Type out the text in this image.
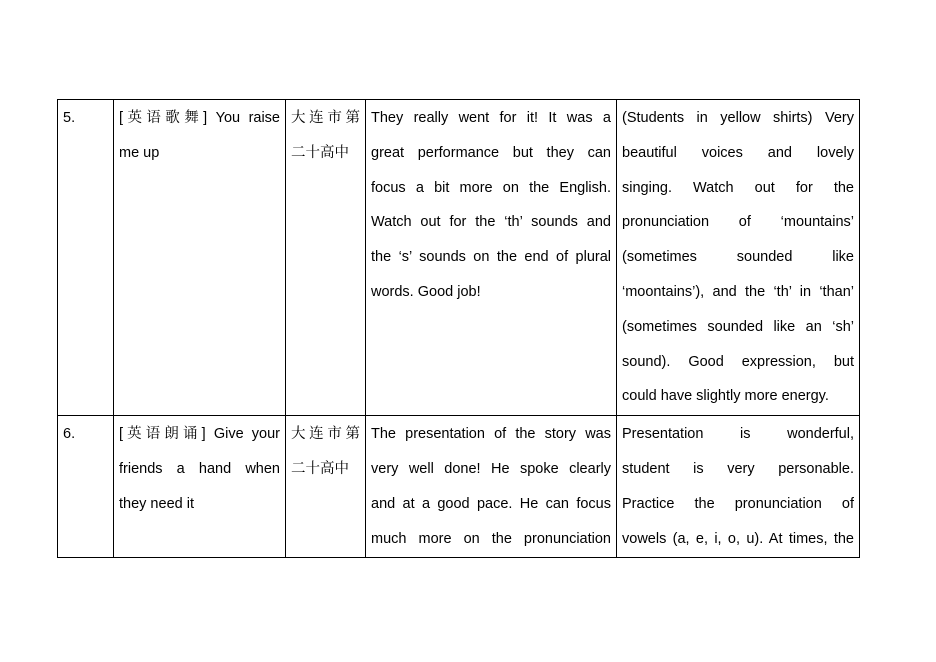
5.	[英语歌舞] You raise
me up

大连市第
二十高中

They really went for it! It was a
great performance but they can
focus a bit more on the English.
Watch out for the ‘th’ sounds and
the ‘s’ sounds on the end of plural
words. Good job!

(Students in yellow shirts) Very
beautiful voices and lovely
singing. Watch out for the
pronunciation of ‘mountains’
(sometimes sounded like
‘moontains’), and the ‘th’ in ‘than’
(sometimes sounded like an ‘sh’
sound). Good expression, but
could have slightly more energy.

6.	[英语朗诵] Give your
friends a hand when
they need it

大连市第
二十高中

The presentation of the story was
very well done! He spoke clearly
and at a good pace. He can focus
much more on the pronunciation

Presentation is wonderful,
student is very personable.
Practice the pronunciation of
vowels (a, e, i, o, u). At times, the
